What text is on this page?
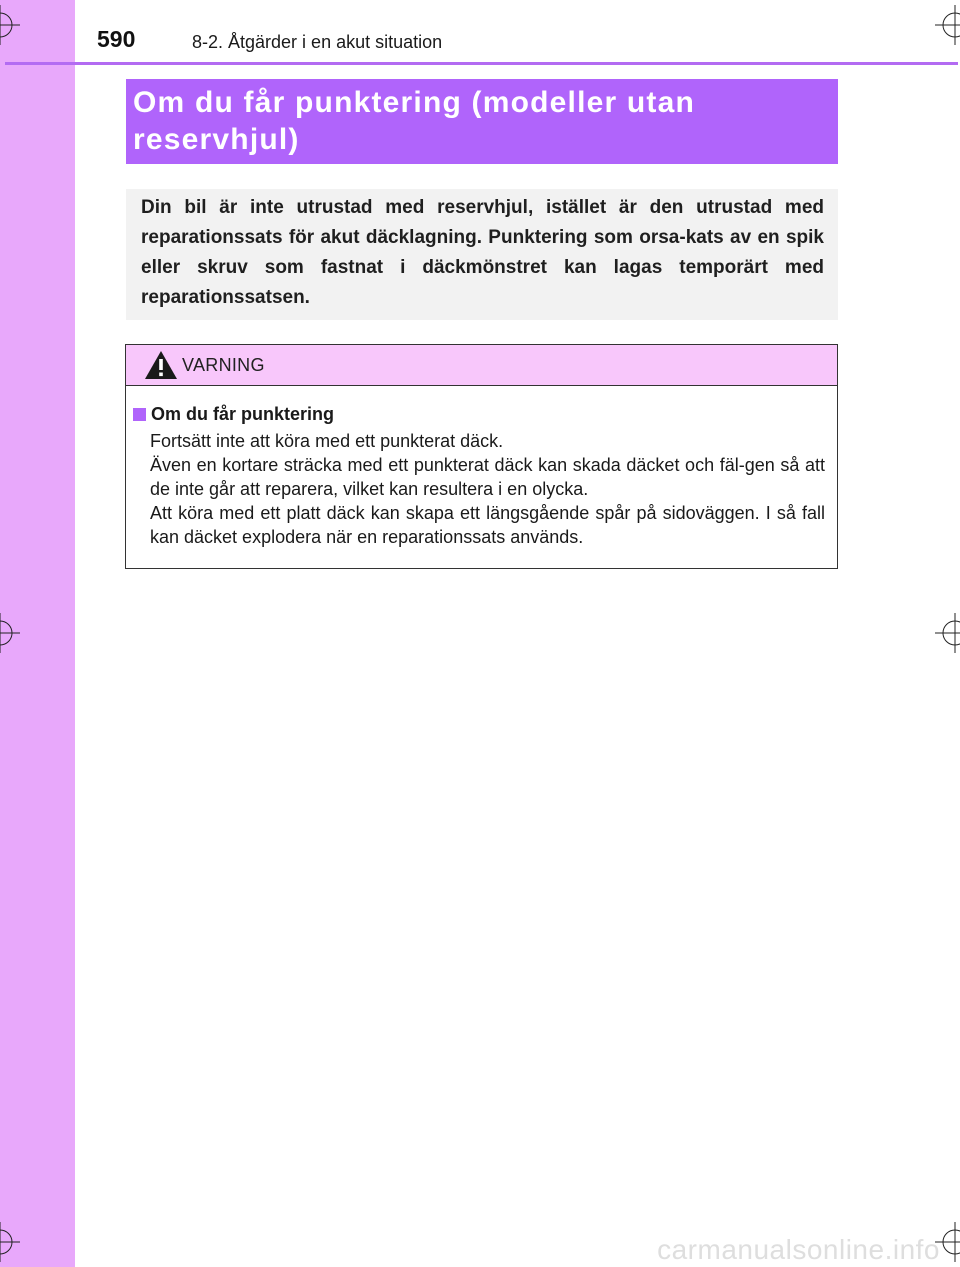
590	8-2. Åtgärder i en akut situation
Om du får punktering (modeller utan reservhjul)

Din bil är inte utrustad med reservhjul, istället är den utrustad med reparationssats för akut däcklagning. Punktering som orsa-kats av en spik eller skruv som fastnat i däckmönstret kan lagas temporärt med reparationssatsen.

VARNING
Om du får punktering

Fortsätt inte att köra med ett punkterat däck.

Även en kortare sträcka med ett punkterat däck kan skada däcket och fäl-gen så att de inte går att reparera, vilket kan resultera i en olycka.

Att köra med ett platt däck kan skapa ett längsgående spår på sidoväggen. I så fall kan däcket explodera när en reparationssats används.

carmanualsonline.info
